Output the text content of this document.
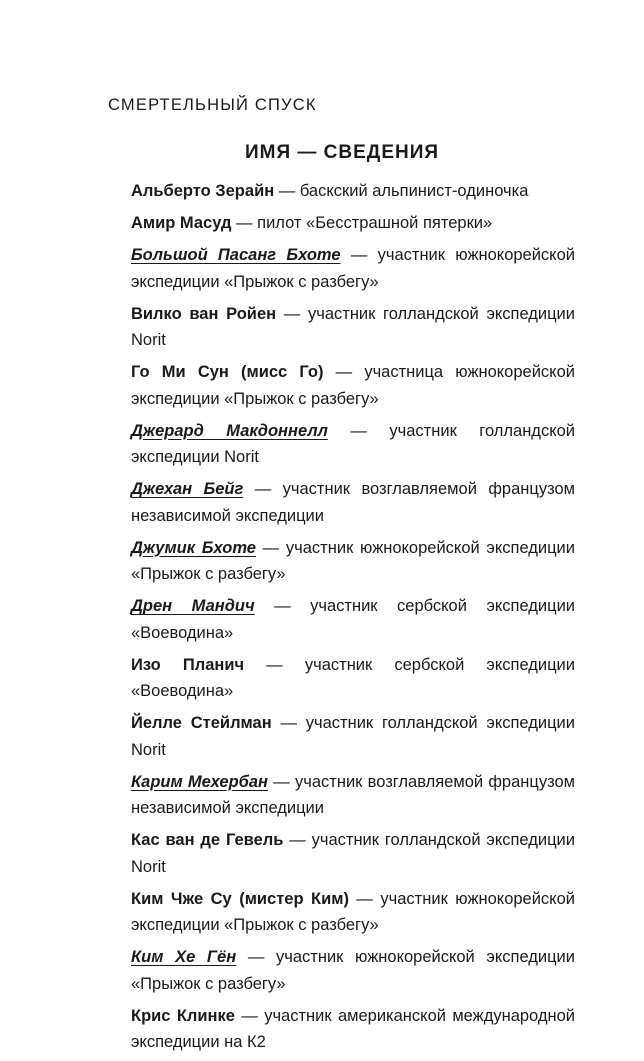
СМЕРТЕЛЬНЫЙ СПУСК
ИМЯ — СВЕДЕНИЯ
Альберто Зерайн — баскский альпинист-одиночка
Амир Масуд — пилот «Бесстрашной пятерки»
Большой Пасанг Бхоте — участник южнокорейской экспедиции «Прыжок с разбегу»
Вилко ван Ройен — участник голландской экспедиции Norit
Го Ми Сун (мисс Го) — участница южнокорейской экспедиции «Прыжок с разбегу»
Джерард Макдоннелл — участник голландской экспедиции Norit
Джехан Бейг — участник возглавляемой французом независимой экспедиции
Джумик Бхоте — участник южнокорейской экспедиции «Прыжок с разбегу»
Дрен Мандич — участник сербской экспедиции «Воеводина»
Изо Планич — участник сербской экспедиции «Воеводина»
Йелле Стейлман — участник голландской экспедиции Norit
Карим Мехербан — участник возглавляемой французом независимой экспедиции
Кас ван де Гевель — участник голландской экспедиции Norit
Ким Чже Су (мистер Ким) — участник южнокорейской экспедиции «Прыжок с разбегу»
Ким Хе Гён — участник южнокорейской экспедиции «Прыжок с разбегу»
Крис Клинке — участник американской международной экспедиции на К2
